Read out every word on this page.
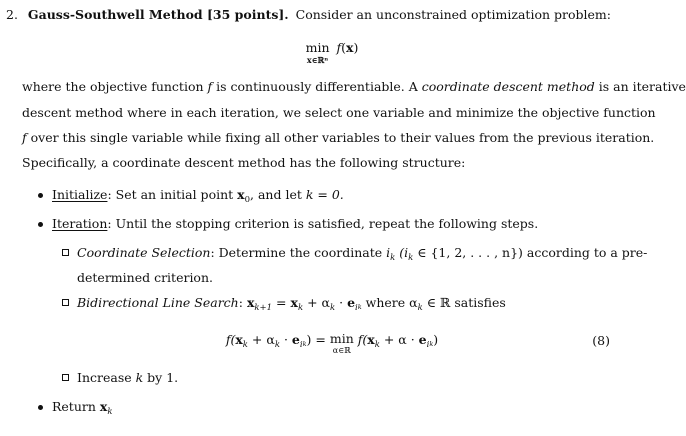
2. Gauss-Southwell Method [35 points]. Consider an unconstrained optimization problem:
min
x∈ℝⁿ
f(x)
where the objective function f is continuously differentiable. A coordinate descent method is an iterative
descent method where in each iteration, we select one variable and minimize the objective function
f over this single variable while fixing all other variables to their values from the previous iteration.
Specifically, a coordinate descent method has the following structure:
Initialize: Set an initial point $x_0$, and let k = 0.
Iteration: Until the stopping criterion is satisfied, repeat the following steps.
Coordinate Selection: Determine the coordinate $i_k$ ($i_k$ ∈ {1, 2, . . . , n}) according to a pre-
determined criterion.
Bidirectional Line Search: $x_{k+1} = x_k + \alpha_k \cdot e_ik$ where $\alpha_k$ ∈ ℝ satisfies
$f(x_k + \alpha_k \cdot e_ik) = \min$
α∈ℝ
$f(x_k + \alpha \cdot e_ik)$	(8)
Increase k by 1.
Return $x_k$
